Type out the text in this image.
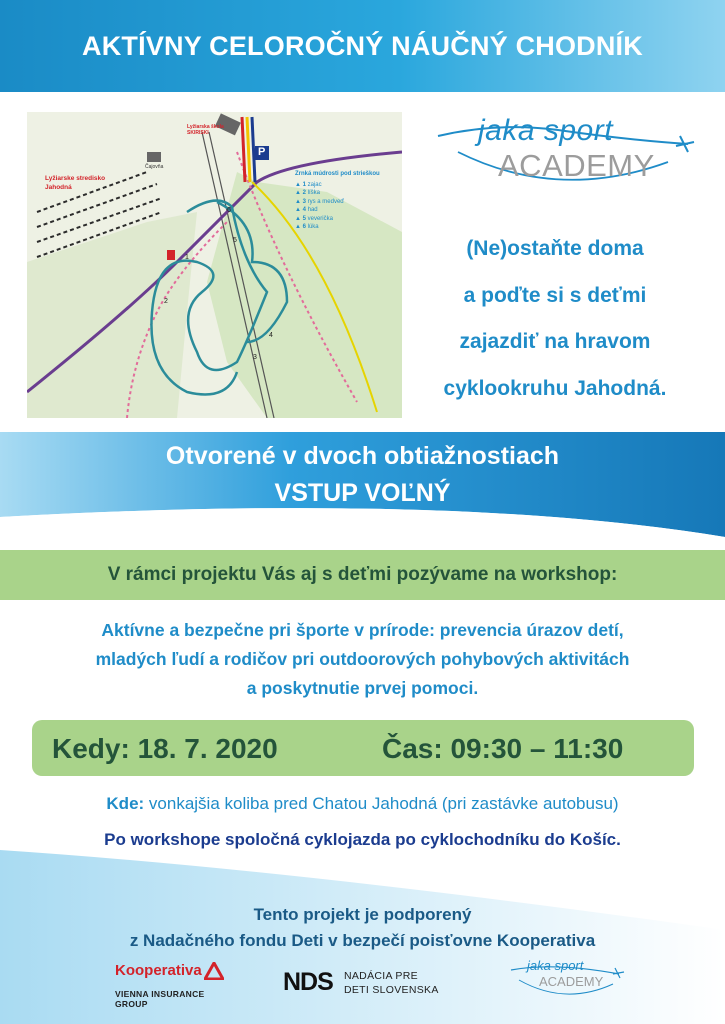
AKTÍVNY CELOROČNÝ NÁUČNÝ CHODNÍK
P
Lyžiarska škola SKIRISKI
Čajovňa
Lyžiarske stredisko Jahodná
Zrnká múdrosti pod strieškou
▲ 1 zajac
▲ 2 líška
▲ 3 rys a medveď
▲ 4 had
▲ 5 veverička
▲ 6 lúka
1
2
3
4
5
6
jaka sport
ACADEMY
(Ne)ostaňte doma
a poďte si s deťmi
zajazdiť na hravom
cyklookruhu Jahodná.
Otvorené v dvoch obtiažnostiach
VSTUP VOĽNÝ
V rámci projektu Vás aj s deťmi pozývame na workshop:
Aktívne a bezpečne pri športe v prírode: prevencia úrazov detí,
mladých ľudí a rodičov pri outdoorových pohybových aktivitách
a poskytnutie prvej pomoci.
Kedy: 18. 7. 2020	Čas: 09:30 – 11:30
Kde: vonkajšia koliba pred Chatou Jahodná (pri zastávke autobusu)
Po workshope spoločná cyklojazda po cyklochodníku do Košíc.
Tento projekt je podporený
z Nadačného fondu Deti v bezpečí poisťovne Kooperativa
Kooperativa
VIENNA INSURANCE GROUP
NDS NADÁCIA PRE
DETI SLOVENSKA
jaka sport
ACADEMY
